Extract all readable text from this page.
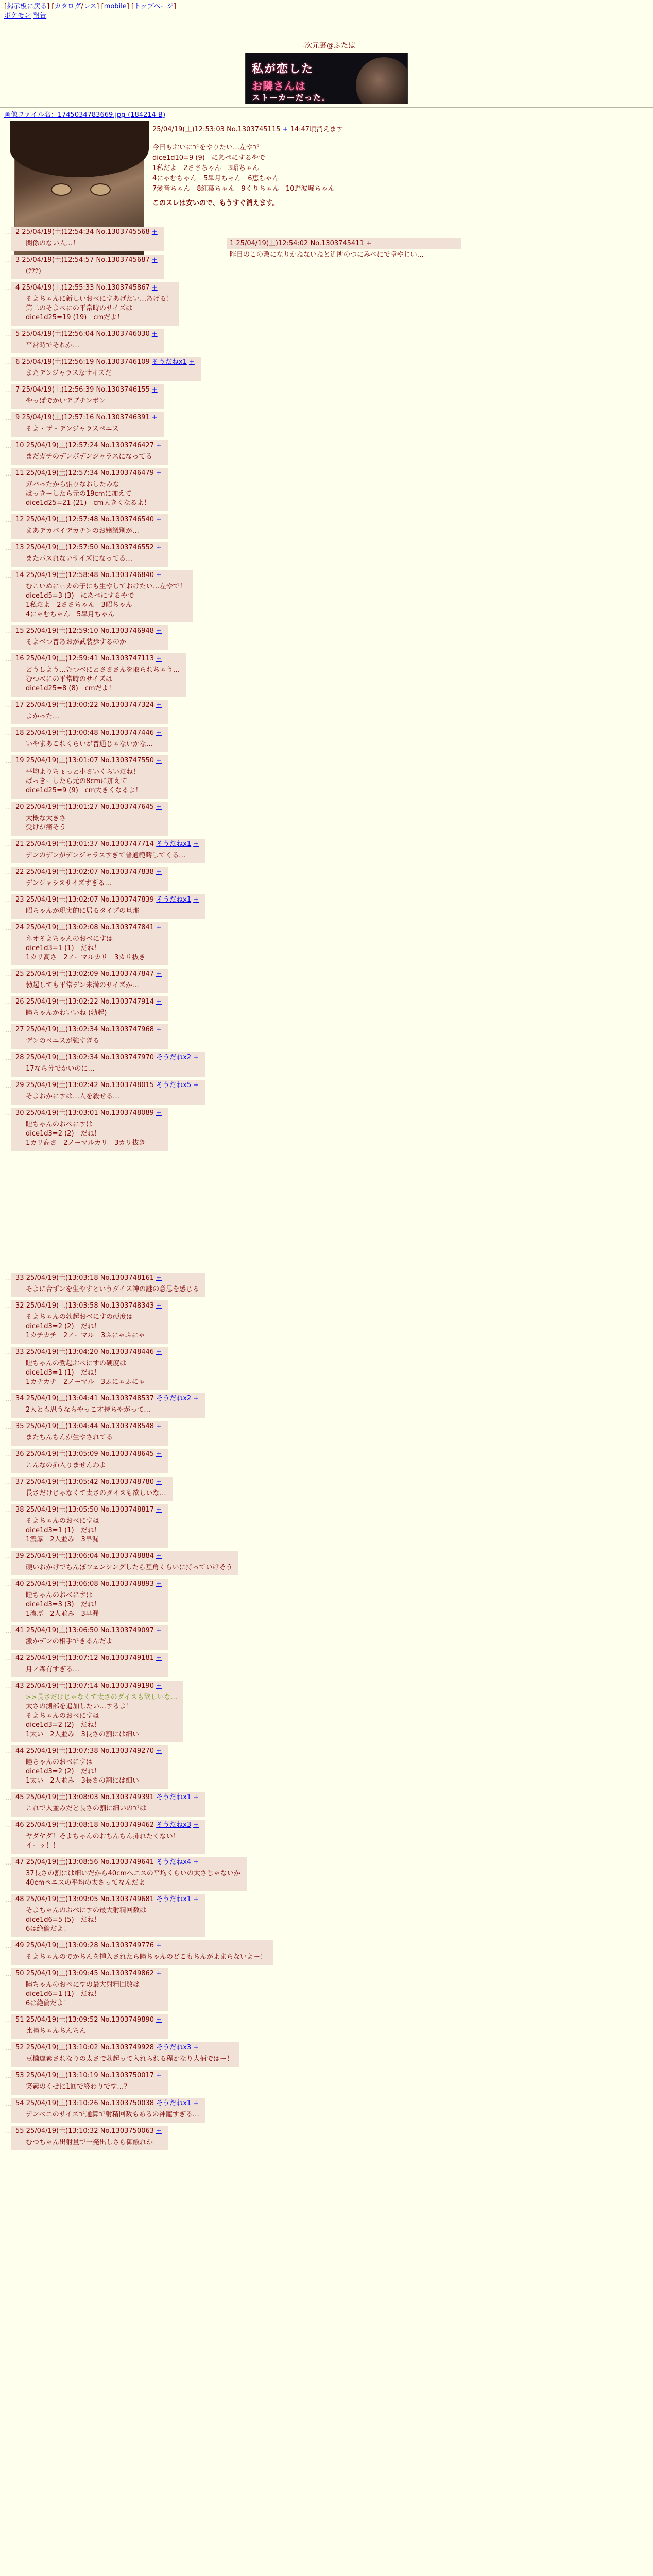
[掲示板に戻る] [カタログ/レス] [mobile] [トップページ]
ボケモン 報告
二次元裏@ふたば
私が恋した
お隣さんは
ストーカーだった。
画像ファイル名：1745034783669.jpg-(184214 B)
25/04/19(土)12:53:03 No.1303745115 + 14:47頃消えます
今日もおいにでをやりたい…左やで
dice1d10=9 (9)　にあぺにするやで
1私だよ　2ささちゃん　3昭ちゃん
4にゃむちゃん　5皐月ちゃん　6恵ちゃん
7愛音ちゃん　8紅葉ちゃん　9くりちゃん　10野波堀ちゃん
このスレは安いので、もうすぐ消えます。
1 25/04/19(土)12:54:02 No.1303745411 +
昨日のこの敷になりかねないねと近所のつにみべにで堂やじい…
… 2 25/04/19(土)12:54:34 No.1303745568 +
関係のない人…！
… 3 25/04/19(土)12:54:57 No.1303745687 +
(ﾃﾃﾃ)
… 4 25/04/19(土)12:55:33 No.1303745867 +
そよちゃんに新しいおべにすあげたい…あげる！
第二のそよべにの平常時のサイズは
dice1d25=19 (19)　cmだよ！
… 5 25/04/19(土)12:56:04 No.1303746030 +
平常時でそれか…
… 6 25/04/19(土)12:56:19 No.1303746109 そうだねx1 +
またデンジャラスなサイズだ
… 7 25/04/19(土)12:56:39 No.1303746155 +
やっぱでかいデブチンボン
… 9 25/04/19(土)12:57:16 No.1303746391 +
そよ・ザ・デンジャラスペニス
… 10 25/04/19(土)12:57:24 No.1303746427 +
まだガチのデンボデンジャラスになってる
… 11 25/04/19(土)12:57:34 No.1303746479 +
ガバったから張りなおしたみな
ぱっきーしたら元の19cmに加えて
dice1d25=21 (21)　cm大きくなるよ！
… 12 25/04/19(土)12:57:48 No.1303746540 +
まあデカパイデカチンのお嬢議別が…
… 13 25/04/19(土)12:57:50 No.1303746552 +
またパスれないサイズになってる…
… 14 25/04/19(土)12:58:48 No.1303746840 +
むこいぬにぃカの子にも生やしておけたい…左やで！
dice1d5=3 (3)　にあぺにするやで
1私だよ　2ささちゃん　3昭ちゃん
4にゃむちゃん　5皐月ちゃん
… 15 25/04/19(土)12:59:10 No.1303746948 +
そよべつ普あおが武装歩するのか
… 16 25/04/19(土)12:59:41 No.1303747113 +
どうしよう…むつべにとさささんを取られちゃう…
むつべにの平常時のサイズは
dice1d25=8 (8)　cmだよ！
… 17 25/04/19(土)13:00:22 No.1303747324 +
よかった…
… 18 25/04/19(土)13:00:48 No.1303747446 +
いやまあこれくらいが普通じゃないかな…
… 19 25/04/19(土)13:01:07 No.1303747550 +
平均よりちょっと小さいくらいだね！
ぱっきーしたら元の8cmに加えて
dice1d25=9 (9)　cm大きくなるよ！
… 20 25/04/19(土)13:01:27 No.1303747645 +
大概な大きさ
受けが痛そう
… 21 25/04/19(土)13:01:37 No.1303747714 そうだねx1 +
デンのデンがデンジャラスすぎて普通範疇してくる…
… 22 25/04/19(土)13:02:07 No.1303747838 +
デンジャラスサイズすぎる…
… 23 25/04/19(土)13:02:07 No.1303747839 そうだねx1 +
昭ちゃんが現実的に居るタイプの旦那
… 24 25/04/19(土)13:02:08 No.1303747841 +
ネオそよちゃんのおべにすは
dice1d3=1 (1)　だね！
1カリ高さ　2ノーマルカリ　3カリ抜き
… 25 25/04/19(土)13:02:09 No.1303747847 +
勃起しても平常デン未満のサイズか…
… 26 25/04/19(土)13:02:22 No.1303747914 +
睦ちゃんかわいいね (勃起)
… 27 25/04/19(土)13:02:34 No.1303747968 +
デンのペニスが強すぎる
… 28 25/04/19(土)13:02:34 No.1303747970 そうだねx2 +
17なら分でかいのに…
… 29 25/04/19(土)13:02:42 No.1303748015 そうだねx5 +
そよおかにすは…人を殺せる…
… 30 25/04/19(土)13:03:01 No.1303748089 +
睦ちゃんのおべにすは
dice1d3=2 (2)　だね！
1カリ高さ　2ノーマルカリ　3カリ抜き
… 33 25/04/19(土)13:03:18 No.1303748161 +
そよに合ずンを生やすというダイス神の謎の意思を感じる
… 32 25/04/19(土)13:03:58 No.1303748343 +
そよちゃんの勃起おべにすの硬度は
dice1d3=2 (2)　だね！
1カチカチ　2ノーマル　3ふにゃふにゃ
… 33 25/04/19(土)13:04:20 No.1303748446 +
睦ちゃんの勃起おべにすの硬度は
dice1d3=1 (1)　だね！
1カチカチ　2ノーマル　3ふにゃふにゃ
… 34 25/04/19(土)13:04:41 No.1303748537 そうだねx2 +
2人とも思うならやっこ才持ちやがって…
… 35 25/04/19(土)13:04:44 No.1303748548 +
またちんちんが生やされてる
… 36 25/04/19(土)13:05:09 No.1303748645 +
こんなの挿入りませんわよ
… 37 25/04/19(土)13:05:42 No.1303748780 +
長さだけじゃなくて太さのダイスも欲しいな…
… 38 25/04/19(土)13:05:50 No.1303748817 +
そよちゃんのおべにすは
dice1d3=1 (1)　だね！
1濃厚　2人並み　3早漏
… 39 25/04/19(土)13:06:04 No.1303748884 +
硬いおかげでちんぽフェンシングしたら互角くらいに持っていけそう
… 40 25/04/19(土)13:06:08 No.1303748893 +
睦ちゃんのおべにすは
dice1d3=3 (3)　だね！
1濃厚　2人並み　3早漏
… 41 25/04/19(土)13:06:50 No.1303749097 +
激かデンの相手できるんだよ
… 42 25/04/19(土)13:07:12 No.1303749181 +
月ノ森有すぎる…
… 43 25/04/19(土)13:07:14 No.1303749190 +
>>長さだけじゃなくて太さのダイスも欲しいな…
太さの測部を追加したい…するよ！
そよちゃんのおべにすは
dice1d3=2 (2)　だね！
1太い　2人並み　3長さの割には細い
… 44 25/04/19(土)13:07:38 No.1303749270 +
睦ちゃんのおべにすは
dice1d3=2 (2)　だね！
1太い　2人並み　3長さの割には細い
… 45 25/04/19(土)13:08:03 No.1303749391 そうだねx1 +
これで人並みだと長さの割に細いのでは
… 46 25/04/19(土)13:08:18 No.1303749462 そうだねx3 +
ヤダヤダ！そよちゃんのおちんちん挿れたくない！
イーッ！！
… 47 25/04/19(土)13:08:56 No.1303749641 そうだねx4 +
37長さの割には細いだから40cmペニスの平均くらいの太さじゃないか
40cmペニスの平均の太さってなんだよ
… 48 25/04/19(土)13:09:05 No.1303749681 そうだねx1 +
そよちゃんのおべにすの最大射精回数は
dice1d6=5 (5)　だね！
6は絶倫だよ！
… 49 25/04/19(土)13:09:28 No.1303749776 +
そよちゃんのでかちんを挿入されたら睦ちゃんのどこもちんがよまらないよー！
… 50 25/04/19(土)13:09:45 No.1303749862 +
睦ちゃんのおべにすの最大射精回数は
dice1d6=1 (1)　だね！
6は絶倫だよ！
… 51 25/04/19(土)13:09:52 No.1303749890 +
比睦ちゃんちんちん
… 52 25/04/19(土)13:10:02 No.1303749928 そうだねx3 +
豆橋違素されなりの太さで勃起って入れられる程かなり大柄ではー！
… 53 25/04/19(土)13:10:19 No.1303750017 +
笑素のくせに1回で終わりです…？
… 54 25/04/19(土)13:10:26 No.1303750038 そうだねx1 +
デンペニのサイズで通算で射精回数もあるの神寵すぎる…
… 55 25/04/19(土)13:10:32 No.1303750063 +
むつちゃん出射量で一発出しさら御飯れか
